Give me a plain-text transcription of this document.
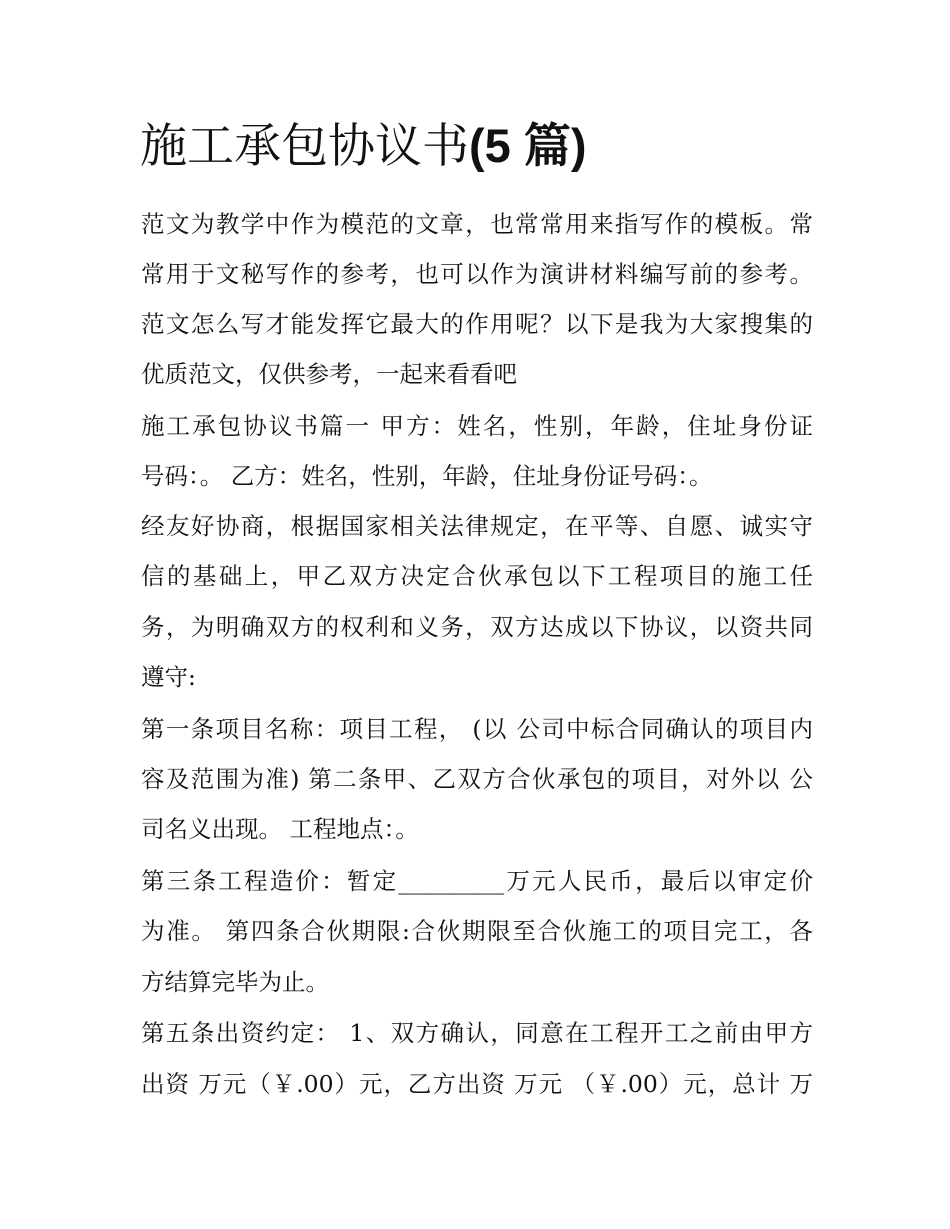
施工承包协议书(5 篇)
范文为教学中作为模范的文章，也常常用来指写作的模板。常
常用于文秘写作的参考，也可以作为演讲材料编写前的参考。
范文怎么写才能发挥它最大的作用呢？以下是我为大家搜集的
优质范文，仅供参考，一起来看看吧
施工承包协议书篇一 甲方：姓名，性别，年龄，住址身份证
号码：。 乙方：姓名，性别，年龄，住址身份证号码：。
经友好协商，根据国家相关法律规定，在平等、自愿、诚实守
信的基础上，甲乙双方决定合伙承包以下工程项目的施工任
务，为明确双方的权利和义务，双方达成以下协议，以资共同
遵守:
第一条项目名称：项目工程， (以 公司中标合同确认的项目内
容及范围为准) 第二条甲、乙双方合伙承包的项目，对外以 公
司名义出现。 工程地点：。
第三条工程造价：暂定_________万元人民币，最后以审定价
为准。 第四条合伙期限:合伙期限至合伙施工的项目完工，各
方结算完毕为止。
第五条出资约定： 1、双方确认，同意在工程开工之前由甲方
出资 万元（￥.00）元，乙方出资 万元 （￥.00）元，总计 万
